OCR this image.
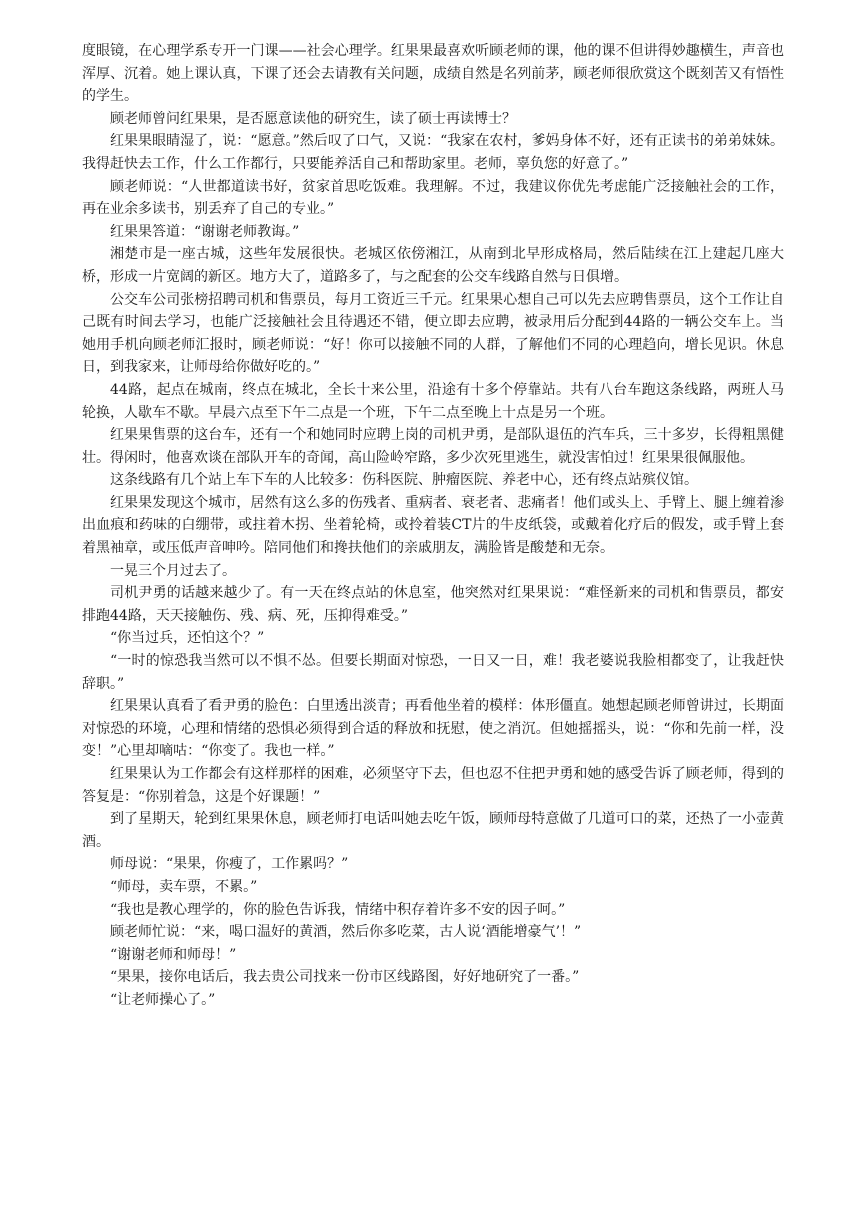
度眼镜，在心理学系专开一门课——社会心理学。红果果最喜欢听顾老师的课，他的课不但讲得妙趣横生，声音也浑厚、沉着。她上课认真，下课了还会去请教有关问题，成绩自然是名列前茅，顾老师很欣赏这个既刻苦又有悟性的学生。

顾老师曾问红果果，是否愿意读他的研究生，读了硕士再读博士？

红果果眼睛湿了，说：“愿意。”然后叹了口气，又说：“我家在农村，爹妈身体不好，还有正读书的弟弟妹妹。我得赶快去工作，什么工作都行，只要能养活自己和帮助家里。老师，辜负您的好意了。”

顾老师说：“人世都道读书好，贫家首思吃饭难。我理解。不过，我建议你优先考虑能广泛接触社会的工作，再在业余多读书，别丢弃了自己的专业。”

红果果答道：“谢谢老师教诲。”

湘楚市是一座古城，这些年发展很快。老城区依傍湘江，从南到北早形成格局，然后陆续在江上建起几座大桥，形成一片宽阔的新区。地方大了，道路多了，与之配套的公交车线路自然与日俱增。

公交车公司张榜招聘司机和售票员，每月工资近三千元。红果果心想自己可以先去应聘售票员，这个工作让自己既有时间去学习，也能广泛接触社会且待遇还不错，便立即去应聘，被录用后分配到44路的一辆公交车上。当她用手机向顾老师汇报时，顾老师说：“好！你可以接触不同的人群，了解他们不同的心理趋向，增长见识。休息日，到我家来，让师母给你做好吃的。”

44路，起点在城南，终点在城北，全长十来公里，沿途有十多个停靠站。共有八台车跑这条线路，两班人马轮换，人歇车不歇。早晨六点至下午二点是一个班，下午二点至晚上十点是另一个班。

红果果售票的这台车，还有一个和她同时应聘上岗的司机尹勇，是部队退伍的汽车兵，三十多岁，长得粗黑健壮。得闲时，他喜欢谈在部队开车的奇闻，高山险岭窄路，多少次死里逃生，就没害怕过！红果果很佩服他。

这条线路有几个站上车下车的人比较多：伤科医院、肿瘤医院、养老中心，还有终点站殡仪馆。

红果果发现这个城市，居然有这么多的伤残者、重病者、衰老者、悲痛者！他们或头上、手臂上、腿上缠着渗出血痕和药味的白绷带，或拄着木拐、坐着轮椅，或拎着装CT片的牛皮纸袋，或戴着化疗后的假发，或手臂上套着黑袖章，或压低声音呻吟。陪同他们和搀扶他们的亲戚朋友，满脸皆是酸楚和无奈。

一晃三个月过去了。

司机尹勇的话越来越少了。有一天在终点站的休息室，他突然对红果果说：“难怪新来的司机和售票员，都安排跑44路，天天接触伤、残、病、死，压抑得难受。”

“你当过兵，还怕这个？”

“一时的惊恐我当然可以不惧不怂。但要长期面对惊恐，一日又一日，难！我老婆说我脸相都变了，让我赶快辞职。”

红果果认真看了看尹勇的脸色：白里透出淡青；再看他坐着的模样：体形僵直。她想起顾老师曾讲过，长期面对惊恐的环境，心理和情绪的恐惧必须得到合适的释放和抚慰，使之消沉。但她摇摇头，说：“你和先前一样，没变！”心里却嘀咕：“你变了。我也一样。”

红果果认为工作都会有这样那样的困难，必须坚守下去，但也忍不住把尹勇和她的感受告诉了顾老师，得到的答复是：“你别着急，这是个好课题！”

到了星期天，轮到红果果休息，顾老师打电话叫她去吃午饭，顾师母特意做了几道可口的菜，还热了一小壶黄酒。

师母说：“果果，你瘦了，工作累吗？”

“师母，卖车票，不累。”

“我也是教心理学的，你的脸色告诉我，情绪中积存着许多不安的因子呵。”

顾老师忙说：“来，喝口温好的黄酒，然后你多吃菜，古人说‘酒能增豪气’！”

“谢谢老师和师母！”

“果果，接你电话后，我去贵公司找来一份市区线路图，好好地研究了一番。”

“让老师操心了。”
